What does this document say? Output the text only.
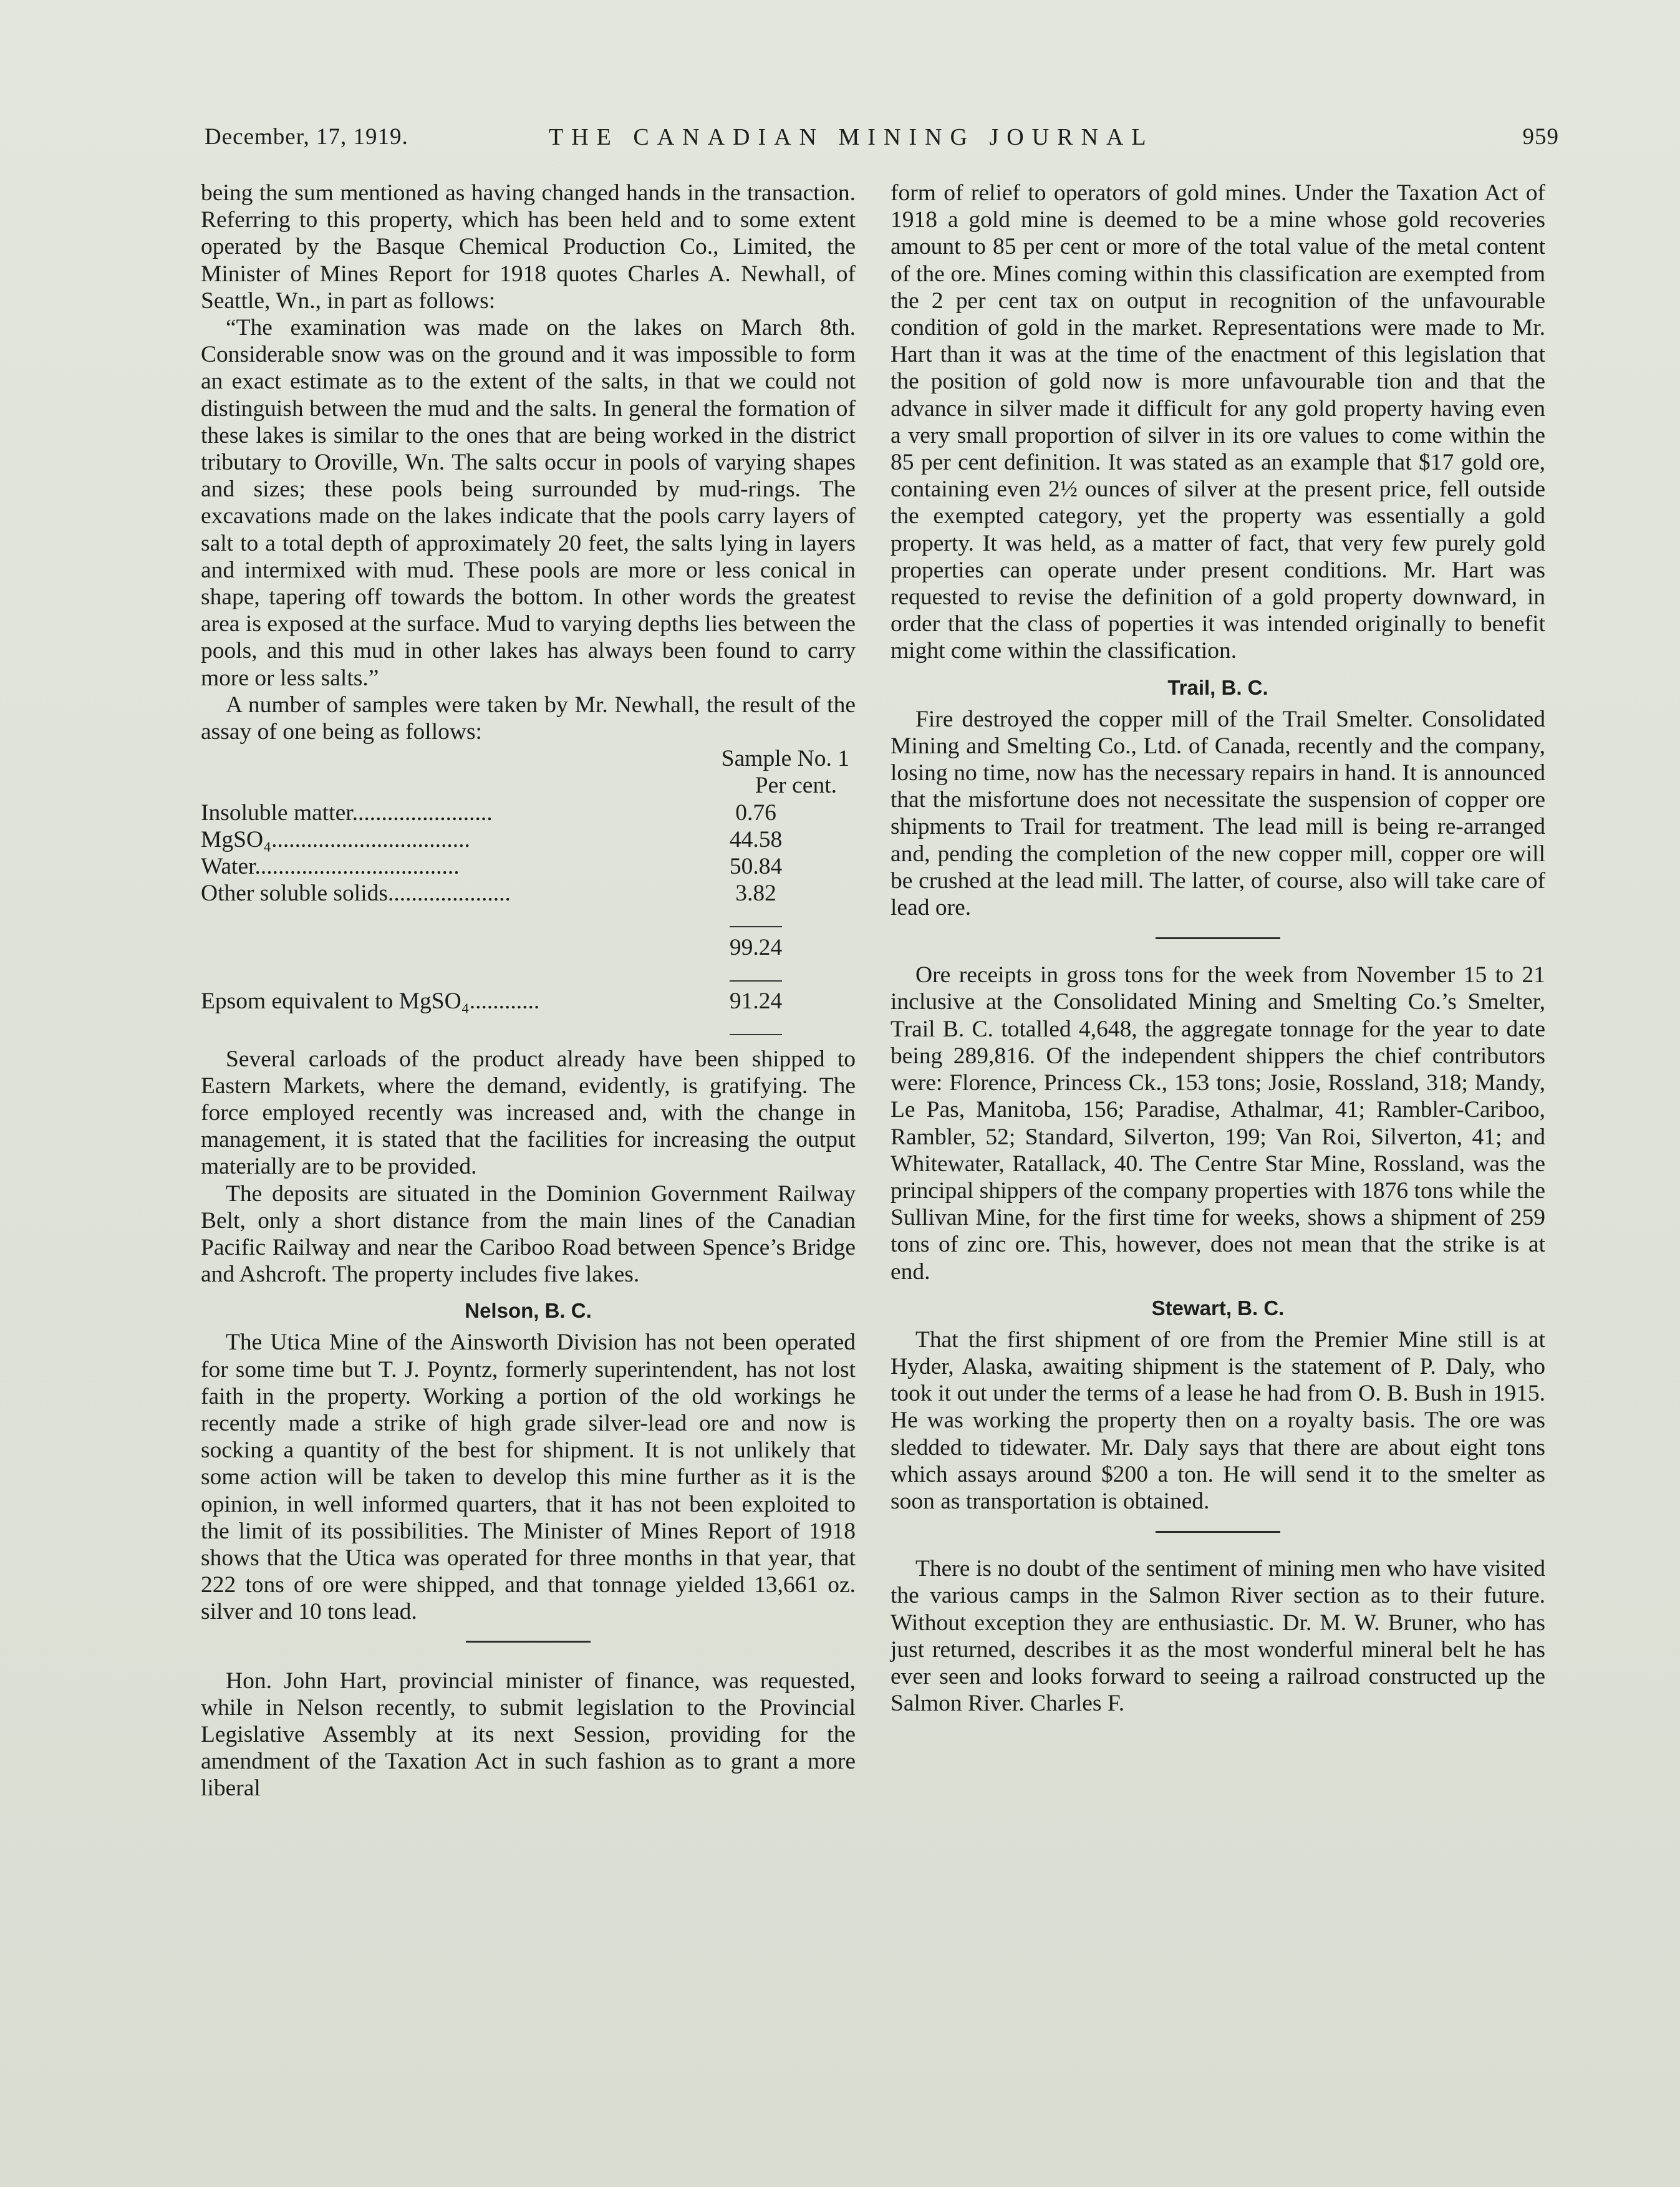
December, 17, 1919.	THE CANADIAN MINING JOURNAL	959

being the sum mentioned as having changed hands in the transaction. Referring to this property, which has been held and to some extent operated by the Basque Chemical Production Co., Limited, the Minister of Mines Report for 1918 quotes Charles A. Newhall, of Seattle, Wn., in part as follows:

“The examination was made on the lakes on March 8th. Considerable snow was on the ground and it was impossible to form an exact estimate as to the extent of the salts, in that we could not distinguish between the mud and the salts. In general the formation of these lakes is similar to the ones that are being worked in the district tributary to Oroville, Wn. The salts occur in pools of varying shapes and sizes; these pools being surrounded by mud-rings. The excavations made on the lakes indicate that the pools carry layers of salt to a total depth of approximately 20 feet, the salts lying in layers and intermixed with mud. These pools are more or less conical in shape, tapering off towards the bottom. In other words the greatest area is exposed at the surface. Mud to varying depths lies between the pools, and this mud in other lakes has always been found to carry more or less salts.”

A number of samples were taken by Mr. Newhall, the result of the assay of one being as follows:

Sample No. 1		
Per cent.		
Insoluble matter........................	0.76	
MgSO₄..................................	44.58	
Water...................................	50.84	
Other soluble solids.....................	3.82	

	99.24	

Epsom equivalent to MgSO₄............	91.24	

Several carloads of the product already have been shipped to Eastern Markets, where the demand, evidently, is gratifying. The force employed recently was increased and, with the change in management, it is stated that the facilities for increasing the output materially are to be provided.

The deposits are situated in the Dominion Government Railway Belt, only a short distance from the main lines of the Canadian Pacific Railway and near the Cariboo Road between Spence’s Bridge and Ashcroft. The property includes five lakes.

Nelson, B. C.

The Utica Mine of the Ainsworth Division has not been operated for some time but T. J. Poyntz, formerly superintendent, has not lost faith in the property. Working a portion of the old workings he recently made a strike of high grade silver-lead ore and now is socking a quantity of the best for shipment. It is not unlikely that some action will be taken to develop this mine further as it is the opinion, in well informed quarters, that it has not been exploited to the limit of its possibilities. The Minister of Mines Report of 1918 shows that the Utica was operated for three months in that year, that 222 tons of ore were shipped, and that tonnage yielded 13,661 oz. silver and 10 tons lead.

Hon. John Hart, provincial minister of finance, was requested, while in Nelson recently, to submit legislation to the Provincial Legislative Assembly at its next Session, providing for the amendment of the Taxation Act in such fashion as to grant a more liberal

form of relief to operators of gold mines. Under the Taxation Act of 1918 a gold mine is deemed to be a mine whose gold recoveries amount to 85 per cent or more of the total value of the metal content of the ore. Mines coming within this classification are exempted from the 2 per cent tax on output in recognition of the unfavourable condition of gold in the market. Representations were made to Mr. Hart than it was at the time of the enactment of this legislation that the position of gold now is more unfavourable tion and that the advance in silver made it difficult for any gold property having even a very small proportion of silver in its ore values to come within the 85 per cent definition. It was stated as an example that $17 gold ore, containing even 2½ ounces of silver at the present price, fell outside the exempted category, yet the property was essentially a gold property. It was held, as a matter of fact, that very few purely gold properties can operate under present conditions. Mr. Hart was requested to revise the definition of a gold property downward, in order that the class of poperties it was intended originally to benefit might come within the classification.

Trail, B. C.

Fire destroyed the copper mill of the Trail Smelter. Consolidated Mining and Smelting Co., Ltd. of Canada, recently and the company, losing no time, now has the necessary repairs in hand. It is announced that the misfortune does not necessitate the suspension of copper ore shipments to Trail for treatment. The lead mill is being re-arranged and, pending the completion of the new copper mill, copper ore will be crushed at the lead mill. The latter, of course, also will take care of lead ore.

Ore receipts in gross tons for the week from November 15 to 21 inclusive at the Consolidated Mining and Smelting Co.’s Smelter, Trail B. C. totalled 4,648, the aggregate tonnage for the year to date being 289,816. Of the independent shippers the chief contributors were: Florence, Princess Ck., 153 tons; Josie, Rossland, 318; Mandy, Le Pas, Manitoba, 156; Paradise, Athalmar, 41; Rambler-Cariboo, Rambler, 52; Standard, Silverton, 199; Van Roi, Silverton, 41; and Whitewater, Ratallack, 40. The Centre Star Mine, Rossland, was the principal shippers of the company properties with 1876 tons while the Sullivan Mine, for the first time for weeks, shows a shipment of 259 tons of zinc ore. This, however, does not mean that the strike is at end.

Stewart, B. C.

That the first shipment of ore from the Premier Mine still is at Hyder, Alaska, awaiting shipment is the statement of P. Daly, who took it out under the terms of a lease he had from O. B. Bush in 1915. He was working the property then on a royalty basis. The ore was sledded to tidewater. Mr. Daly says that there are about eight tons which assays around $200 a ton. He will send it to the smelter as soon as transportation is obtained.

There is no doubt of the sentiment of mining men who have visited the various camps in the Salmon River section as to their future. Without exception they are enthusiastic. Dr. M. W. Bruner, who has just returned, describes it as the most wonderful mineral belt he has ever seen and looks forward to seeing a railroad constructed up the Salmon River. Charles F.
